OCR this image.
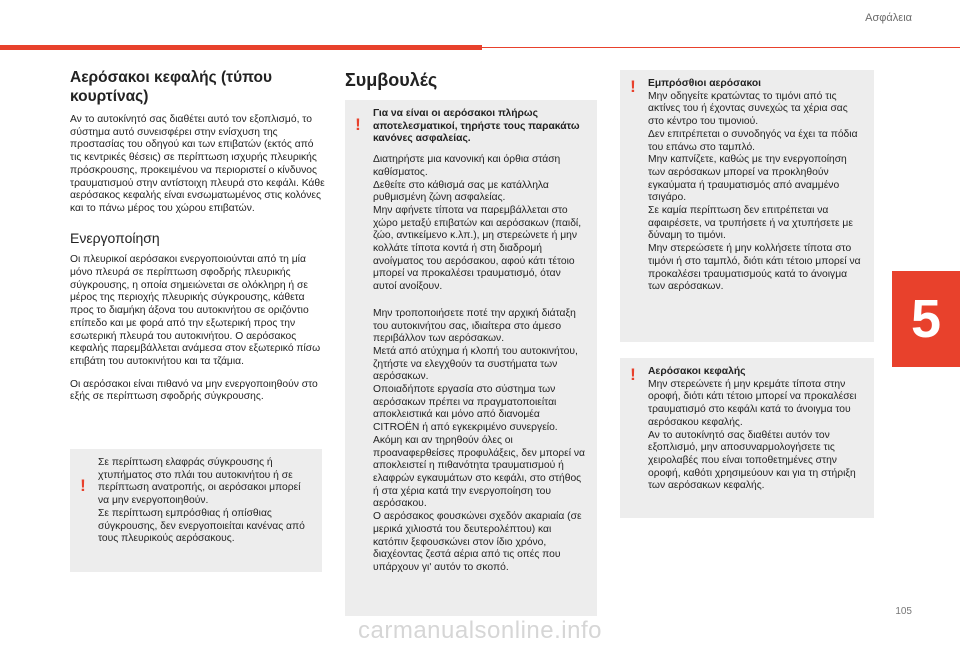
Ασφάλεια
Αερόσακοι κεφαλής (τύπου κουρτίνας)

Αν το αυτοκίνητό σας διαθέτει αυτό τον εξοπλισμό, το σύστημα αυτό συνεισφέρει στην ενίσχυση της προστασίας του οδηγού και των επιβατών (εκτός από τις κεντρικές θέσεις) σε περίπτωση ισχυρής πλευρικής πρόσκρουσης, προκειμένου να περιοριστεί ο κίνδυνος τραυματισμού στην αντίστοιχη πλευρά στο κεφάλι. Κάθε αερόσακος κεφαλής είναι ενσωματωμένος στις κολόνες και το πάνω μέρος του χώρου επιβατών.

Ενεργοποίηση

Οι πλευρικοί αερόσακοι ενεργοποιούνται από τη μία μόνο πλευρά σε περίπτωση σφοδρής πλευρικής σύγκρουσης, η οποία σημειώνεται σε ολόκληρη ή σε μέρος της περιοχής πλευρικής σύγκρουσης, κάθετα προς το διαμήκη άξονα του αυτοκινήτου σε οριζόντιο επίπεδο και με φορά από την εξωτερική προς την εσωτερική πλευρά του αυτοκινήτου. Ο αερόσακος κεφαλής παρεμβάλλεται ανάμεσα στον εξωτερικό πίσω επιβάτη του αυτοκινήτου και τα τζάμια.

Οι αερόσακοι είναι πιθανό να μην ενεργοποιηθούν στο εξής σε περίπτωση σφοδρής σύγκρουσης.

!
Σε περίπτωση ελαφράς σύγκρουσης ή χτυπήματος στο πλάι του αυτοκινήτου ή σε περίπτωση ανατροπής, οι αερόσακοι μπορεί να μην ενεργοποιηθούν.
Σε περίπτωση εμπρόσθιας ή οπίσθιας σύγκρουσης, δεν ενεργοποιείται κανένας από τους πλευρικούς αερόσακους.
Συμβουλές
!

Για να είναι οι αερόσακοι πλήρως αποτελεσματικοί, τηρήστε τους παρακάτω κανόνες ασφαλείας.

Διατηρήστε μια κανονική και όρθια στάση καθίσματος.
Δεθείτε στο κάθισμά σας με κατάλληλα ρυθμισμένη ζώνη ασφαλείας.
Μην αφήνετε τίποτα να παρεμβάλλεται στο χώρο μεταξύ επιβατών και αερόσακων (παιδί, ζώο, αντικείμενο κ.λπ.), μη στερεώνετε ή μην κολλάτε τίποτα κοντά ή στη διαδρομή ανοίγματος του αερόσακου, αφού κάτι τέτοιο μπορεί να προκαλέσει τραυματισμό, όταν αυτοί ανοίξουν.

Μην τροποποιήσετε ποτέ την αρχική διάταξη του αυτοκινήτου σας, ιδιαίτερα στο άμεσο περιβάλλον των αερόσακων.
Μετά από ατύχημα ή κλοπή του αυτοκινήτου, ζητήστε να ελεγχθούν τα συστήματα των αερόσακων.
Οποιαδήποτε εργασία στο σύστημα των αερόσακων πρέπει να πραγματοποιείται αποκλειστικά και μόνο από διανομέα CITROËN ή από εγκεκριμένο συνεργείο.
Ακόμη και αν τηρηθούν όλες οι προαναφερθείσες προφυλάξεις, δεν μπορεί να αποκλειστεί η πιθανότητα τραυματισμού ή ελαφρών εγκαυμάτων στο κεφάλι, στο στήθος ή στα χέρια κατά την ενεργοποίηση του αερόσακου.
Ο αερόσακος φουσκώνει σχεδόν ακαριαία (σε μερικά χιλιοστά του δευτερολέπτου) και κατόπιν ξεφουσκώνει στον ίδιο χρόνο, διαχέοντας ζεστά αέρια από τις οπές που υπάρχουν γι' αυτόν το σκοπό.

! Εμπρόσθιοι αερόσακοι
Μην οδηγείτε κρατώντας το τιμόνι από τις ακτίνες του ή έχοντας συνεχώς τα χέρια σας στο κέντρο του τιμονιού.
Δεν επιτρέπεται ο συνοδηγός να έχει τα πόδια του επάνω στο ταμπλό.
Μην καπνίζετε, καθώς με την ενεργοποίηση των αερόσακων μπορεί να προκληθούν εγκαύματα ή τραυματισμός από αναμμένο τσιγάρο.
Σε καμία περίπτωση δεν επιτρέπεται να αφαιρέσετε, να τρυπήσετε ή να χτυπήσετε με δύναμη το τιμόνι.
Μην στερεώσετε ή μην κολλήσετε τίποτα στο τιμόνι ή στο ταμπλό, διότι κάτι τέτοιο μπορεί να προκαλέσει τραυματισμούς κατά το άνοιγμα των αερόσακων.
! Αερόσακοι κεφαλής
Μην στερεώνετε ή μην κρεμάτε τίποτα στην οροφή, διότι κάτι τέτοιο μπορεί να προκαλέσει τραυματισμό στο κεφάλι κατά το άνοιγμα του αερόσακου κεφαλής.
Αν το αυτοκίνητό σας διαθέτει αυτόν τον εξοπλισμό, μην αποσυναρμολογήσετε τις χειρολαβές που είναι τοποθετημένες στην οροφή, καθότι χρησιμεύουν και για τη στήριξη των αερόσακων κεφαλής.
5
105
carmanualsonline.info
